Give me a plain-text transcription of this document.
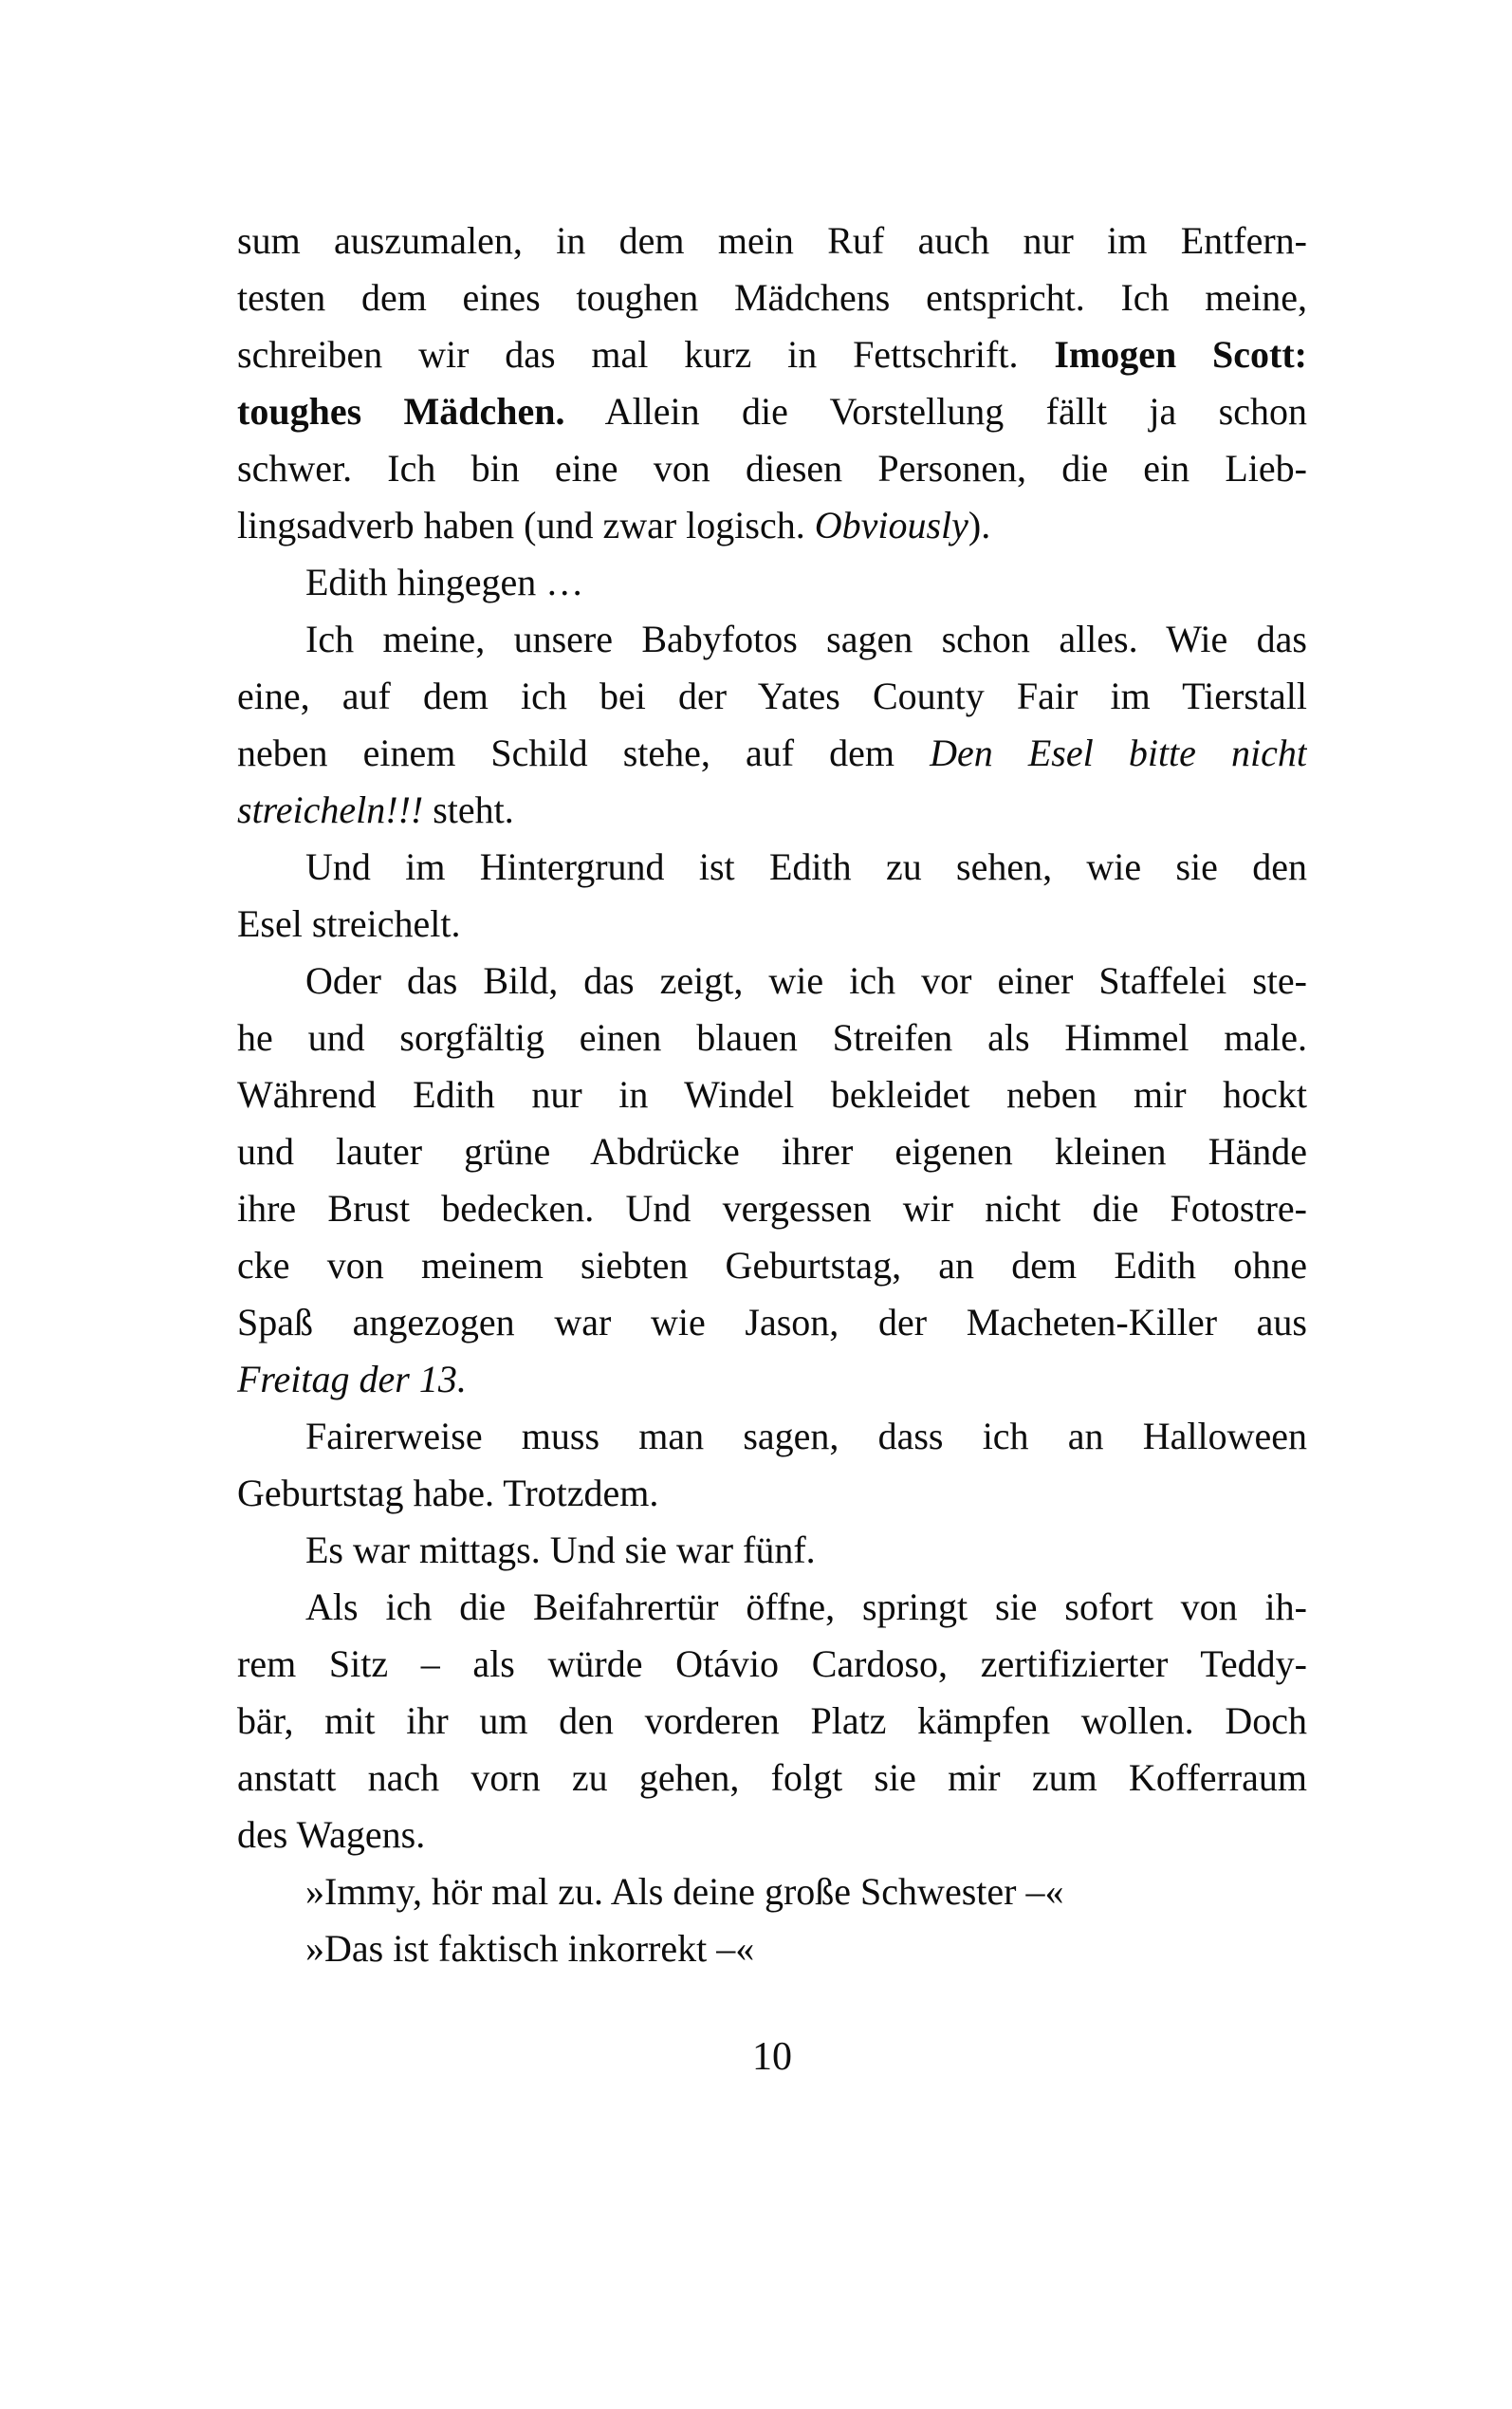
sum auszumalen, in dem mein Ruf auch nur im Entfern-
testen dem eines toughen Mädchens entspricht. Ich meine,
schreiben wir das mal kurz in Fettschrift. Imogen Scott:
toughes Mädchen. Allein die Vorstellung fällt ja schon
schwer. Ich bin eine von diesen Personen, die ein Lieb-
lingsadverb haben (und zwar logisch. Obviously).
Edith hingegen …
Ich meine, unsere Babyfotos sagen schon alles. Wie das
eine, auf dem ich bei der Yates County Fair im Tierstall
neben einem Schild stehe, auf dem Den Esel bitte nicht
streicheln!!! steht.
Und im Hintergrund ist Edith zu sehen, wie sie den
Esel streichelt.
Oder das Bild, das zeigt, wie ich vor einer Staffelei ste-
he und sorgfältig einen blauen Streifen als Himmel male.
Während Edith nur in Windel bekleidet neben mir hockt
und lauter grüne Abdrücke ihrer eigenen kleinen Hände
ihre Brust bedecken. Und vergessen wir nicht die Fotostre-
cke von meinem siebten Geburtstag, an dem Edith ohne
Spaß angezogen war wie Jason, der Macheten-Killer aus
Freitag der 13.
Fairerweise muss man sagen, dass ich an Halloween
Geburtstag habe. Trotzdem.
Es war mittags. Und sie war fünf.
Als ich die Beifahrertür öffne, springt sie sofort von ih-
rem Sitz – als würde Otávio Cardoso, zertifizierter Teddy-
bär, mit ihr um den vorderen Platz kämpfen wollen. Doch
anstatt nach vorn zu gehen, folgt sie mir zum Kofferraum
des Wagens.
»Immy, hör mal zu. Als deine große Schwester –«
»Das ist faktisch inkorrekt –«
10
